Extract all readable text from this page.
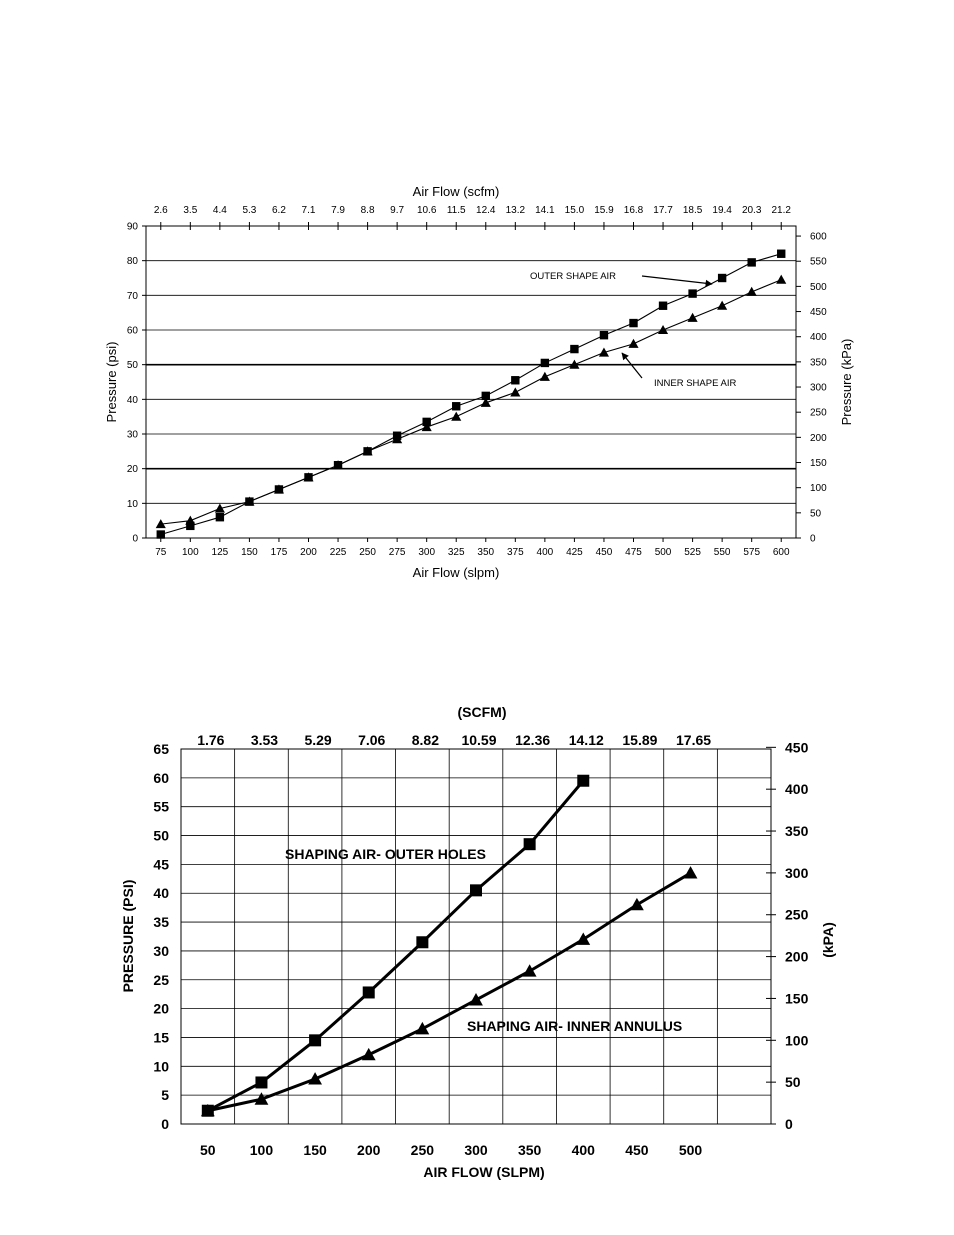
0
10
20
30
40
50
60
70
80
90
0
50
100
150
200
250
300
350
400
450
500
550
600
75
2.6
100
3.5
125
4.4
150
5.3
175
6.2
200
7.1
225
7.9
250
8.8
275
9.7
300
10.6
325
11.5
350
12.4
375
13.2
400
14.1
425
15.0
450
15.9
475
16.8
500
17.7
525
18.5
550
19.4
575
20.3
600
21.2
Air Flow (scfm)
Air Flow (slpm)
Pressure (psi)	Pressure (kPa)
OUTER SHAPE AIR
INNER SHAPE AIR
0
5
10
15
20
25
30
35
40
45
50
55
60
65
0
50
100
150
200
250
300
350
400
450
50
1.76
100
3.53
150
5.29
200
7.06
250
8.82
300
10.59
350
12.36
400
14.12
450
15.89
500
17.65
(SCFM)
AIR FLOW (SLPM)
PRESSURE (PSI)	(kPA)
SHAPING AIR- OUTER HOLES
SHAPING AIR- INNER ANNULUS
